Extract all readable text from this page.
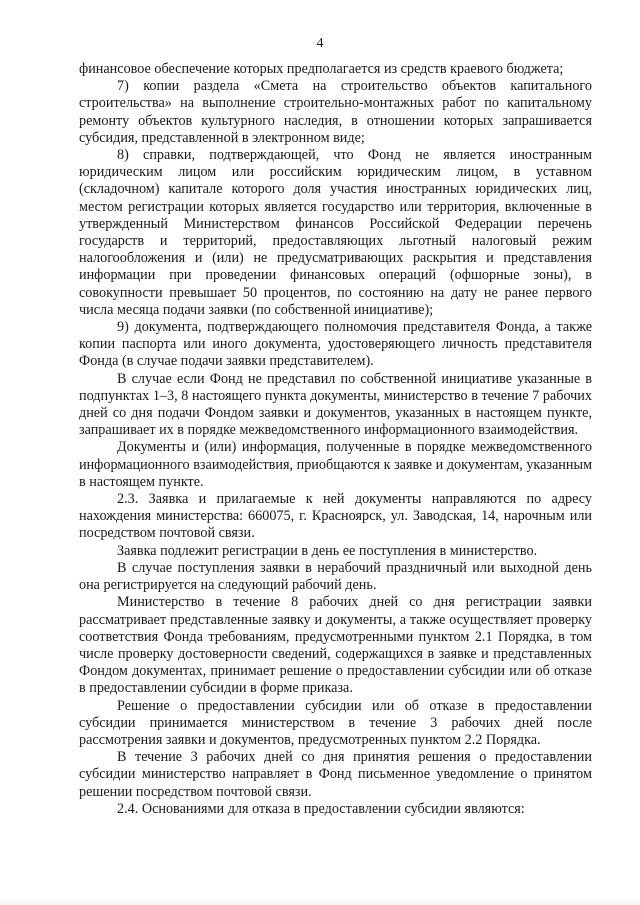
4

финансовое обеспечение которых предполагается из средств краевого бюджета;

7) копии раздела «Смета на строительство объектов капитального строительства» на выполнение строительно-монтажных работ по капитальному ремонту объектов культурного наследия, в отношении которых запрашивается субсидия, представленной в электронном виде;

8) справки, подтверждающей, что Фонд не является иностранным юридическим лицом или российским юридическим лицом, в уставном (складочном) капитале которого доля участия иностранных юридических лиц, местом регистрации которых является государство или территория, включенные в утвержденный Министерством финансов Российской Федерации перечень государств и территорий, предоставляющих льготный налоговый режим налогообложения и (или) не предусматривающих раскрытия и представления информации при проведении финансовых операций (офшорные зоны), в совокупности превышает 50 процентов, по состоянию на дату не ранее первого числа месяца подачи заявки (по собственной инициативе);

9) документа, подтверждающего полномочия представителя Фонда, а также копии паспорта или иного документа, удостоверяющего личность представителя Фонда (в случае подачи заявки представителем).

В случае если Фонд не представил по собственной инициативе указанные в подпунктах 1–3, 8 настоящего пункта документы, министерство в течение 7 рабочих дней со дня подачи Фондом заявки и документов, указанных в настоящем пункте, запрашивает их в порядке межведомственного информационного взаимодействия.

Документы и (или) информация, полученные в порядке межведомственного информационного взаимодействия, приобщаются к заявке и документам, указанным в настоящем пункте.

2.3. Заявка и прилагаемые к ней документы направляются по адресу нахождения министерства: 660075, г. Красноярск, ул. Заводская, 14, нарочным или посредством почтовой связи.

Заявка подлежит регистрации в день ее поступления в министерство.

В случае поступления заявки в нерабочий праздничный или выходной день она регистрируется на следующий рабочий день.

Министерство в течение 8 рабочих дней со дня регистрации заявки рассматривает представленные заявку и документы, а также осуществляет проверку соответствия Фонда требованиям, предусмотренными пунктом 2.1 Порядка, в том числе проверку достоверности сведений, содержащихся в заявке и представленных Фондом документах, принимает решение о предоставлении субсидии или об отказе в предоставлении субсидии в форме приказа.

Решение о предоставлении субсидии или об отказе в предоставлении субсидии принимается министерством в течение 3 рабочих дней после рассмотрения заявки и документов, предусмотренных пунктом 2.2 Порядка.

В течение 3 рабочих дней со дня принятия решения о предоставлении субсидии министерство направляет в Фонд письменное уведомление о принятом решении посредством почтовой связи.

2.4. Основаниями для отказа в предоставлении субсидии являются:
